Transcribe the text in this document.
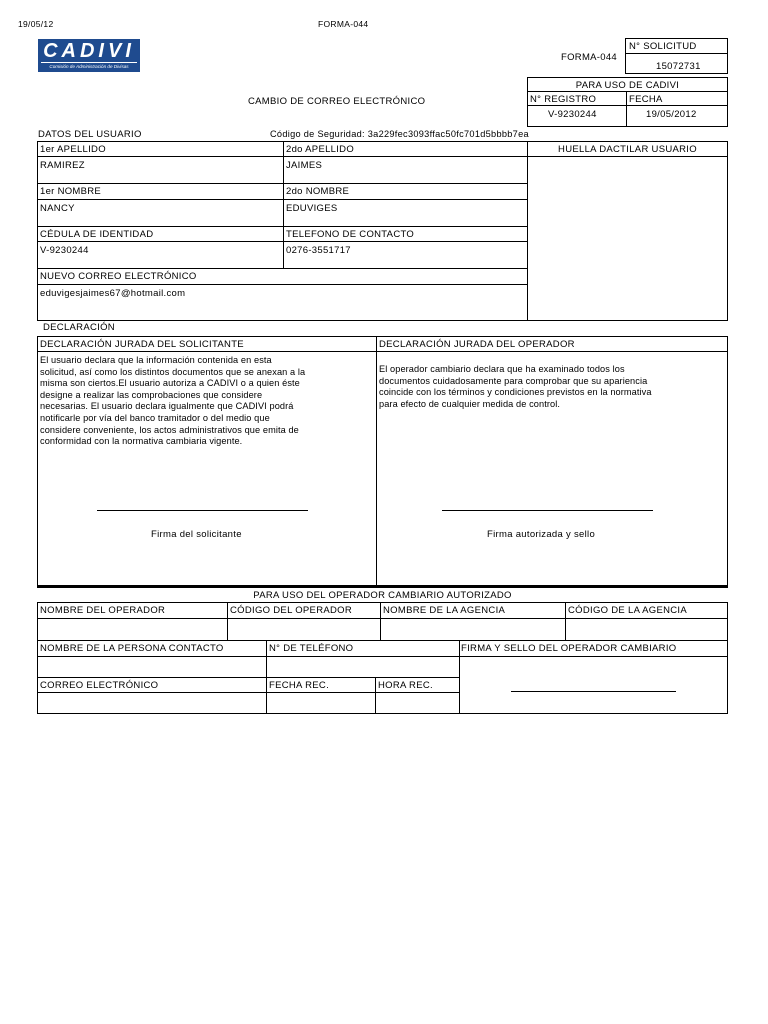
19/05/12	FORMA-044
CADIVI
Comisión de Administración de Divisas
CAMBIO DE CORREO ELECTRÓNICO
FORMA-044
N° SOLICITUD
15072731
PARA USO DE CADIVI
N° REGISTRO	FECHA
V-9230244	19/05/2012
DATOS DEL USUARIO	Código de Seguridad: 3a229fec3093ffac50fc701d5bbbb7ea
1er APELLIDO	2do APELLIDO	HUELLA DACTILAR USUARIO
RAMIREZ	JAIMES
1er NOMBRE	2do NOMBRE
NANCY	EDUVIGES
CÉDULA DE IDENTIDAD	TELEFONO DE CONTACTO
V-9230244	0276-3551717
NUEVO CORREO ELECTRÓNICO
eduvigesjaimes67@hotmail.com
DECLARACIÓN
DECLARACIÓN JURADA DEL SOLICITANTE	DECLARACIÓN JURADA DEL OPERADOR
El usuario declara que la información contenida en esta
solicitud, así como los distintos documentos que se anexan a la
misma son ciertos.El usuario autoriza a CADIVI o a quien éste
designe a realizar las comprobaciones que considere
necesarias. El usuario declara igualmente que CADIVI podrá
notificarle por vía del banco tramitador o del medio que
considere conveniente, los actos administrativos que emita de
conformidad con la normativa cambiaria vigente.
El operador cambiario declara que ha examinado todos los
documentos cuidadosamente para comprobar que su apariencia
coincide con los términos y condiciones previstos en la normativa
para efecto de cualquier medida de control.
Firma del solicitante	Firma autorizada y sello
PARA USO DEL OPERADOR CAMBIARIO AUTORIZADO
NOMBRE DEL OPERADOR	CÓDIGO DEL OPERADOR	NOMBRE DE LA AGENCIA	CÓDIGO DE LA AGENCIA
NOMBRE DE LA PERSONA CONTACTO	N° DE TELÉFONO	FIRMA Y SELLO DEL OPERADOR CAMBIARIO
CORREO ELECTRÓNICO	FECHA REC.	HORA REC.
